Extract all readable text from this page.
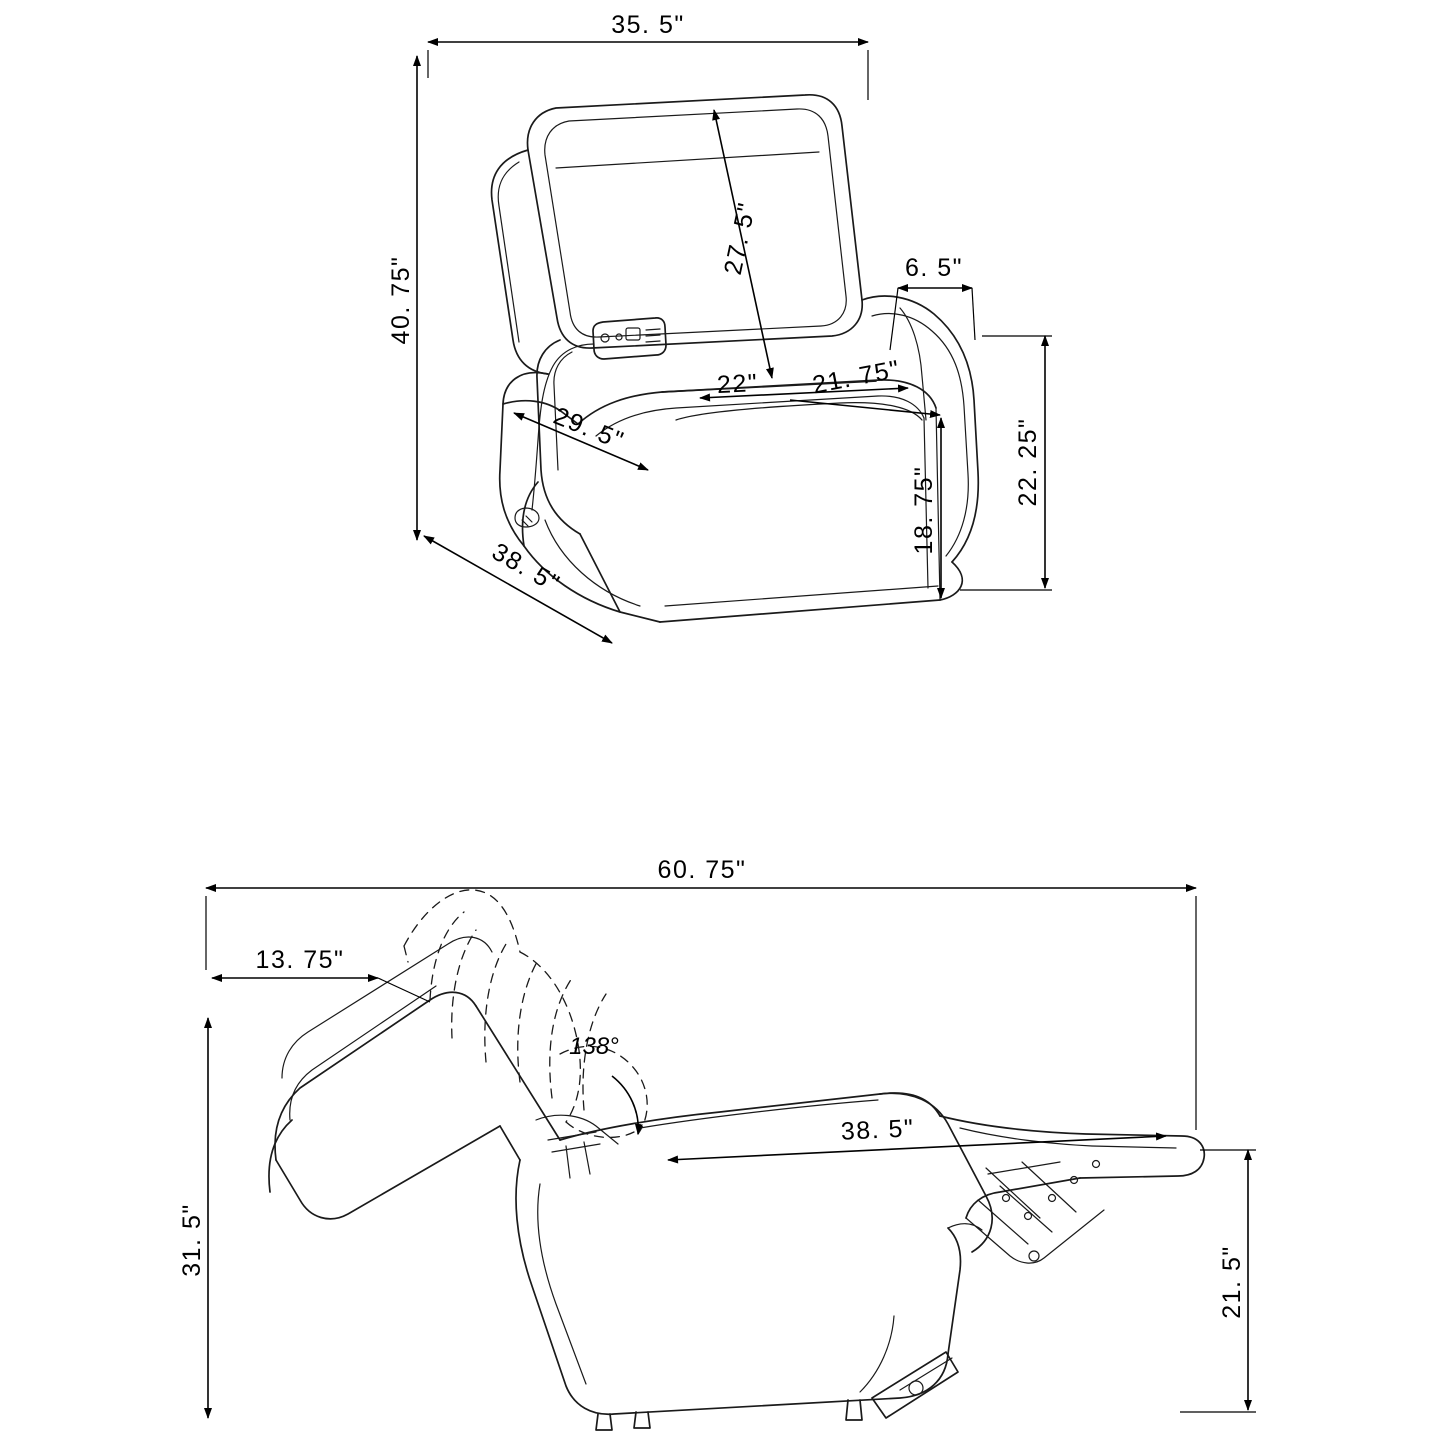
35. 5"
40. 75"
27. 5"	6. 5"
22" 21. 75"
29. 5"	22. 25"
18. 75"
38. 5"
60. 75"
13. 75"
138°
38. 5"
31. 5"
21. 5"
